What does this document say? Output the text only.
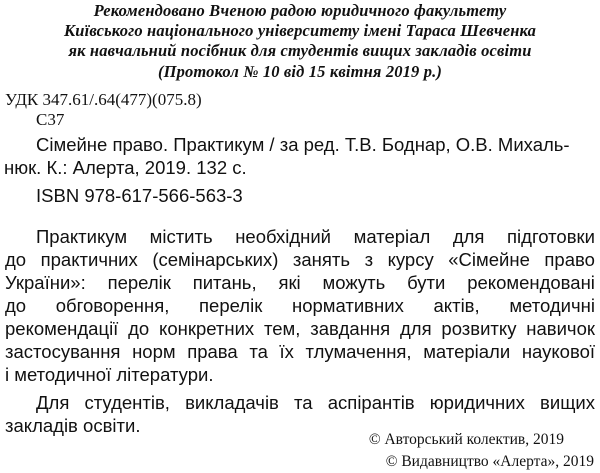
Рекомендовано Вченою радою юридичного факультету
Київського національного університету імені Тараса Шевченка
як навчальний посібник для студентів вищих закладів освіти
(Протокол № 10 від 15 квітня 2019 р.)
УДК 347.61/.64(477)(075.8)
С37
Сімейне право. Практикум / за ред. Т.В. Боднар, О.В. Михаль-
нюк. К.: Алерта, 2019. 132 с.
ISBN 978-617-566-563-3
Практикум містить необхідний матеріал для підготовки
до практичних (семінарських) занять з курсу «Сімейне право
України»: перелік питань, які можуть бути рекомендовані
до обговорення, перелік нормативних актів, методичні
рекомендації до конкретних тем, завдання для розвитку навичок
застосування норм права та їх тлумачення, матеріали наукової
і методичної літератури.
Для студентів, викладачів та аспірантів юридичних вищих
закладів освіти.
© Авторський колектив, 2019
© Видавництво «Алерта», 2019
